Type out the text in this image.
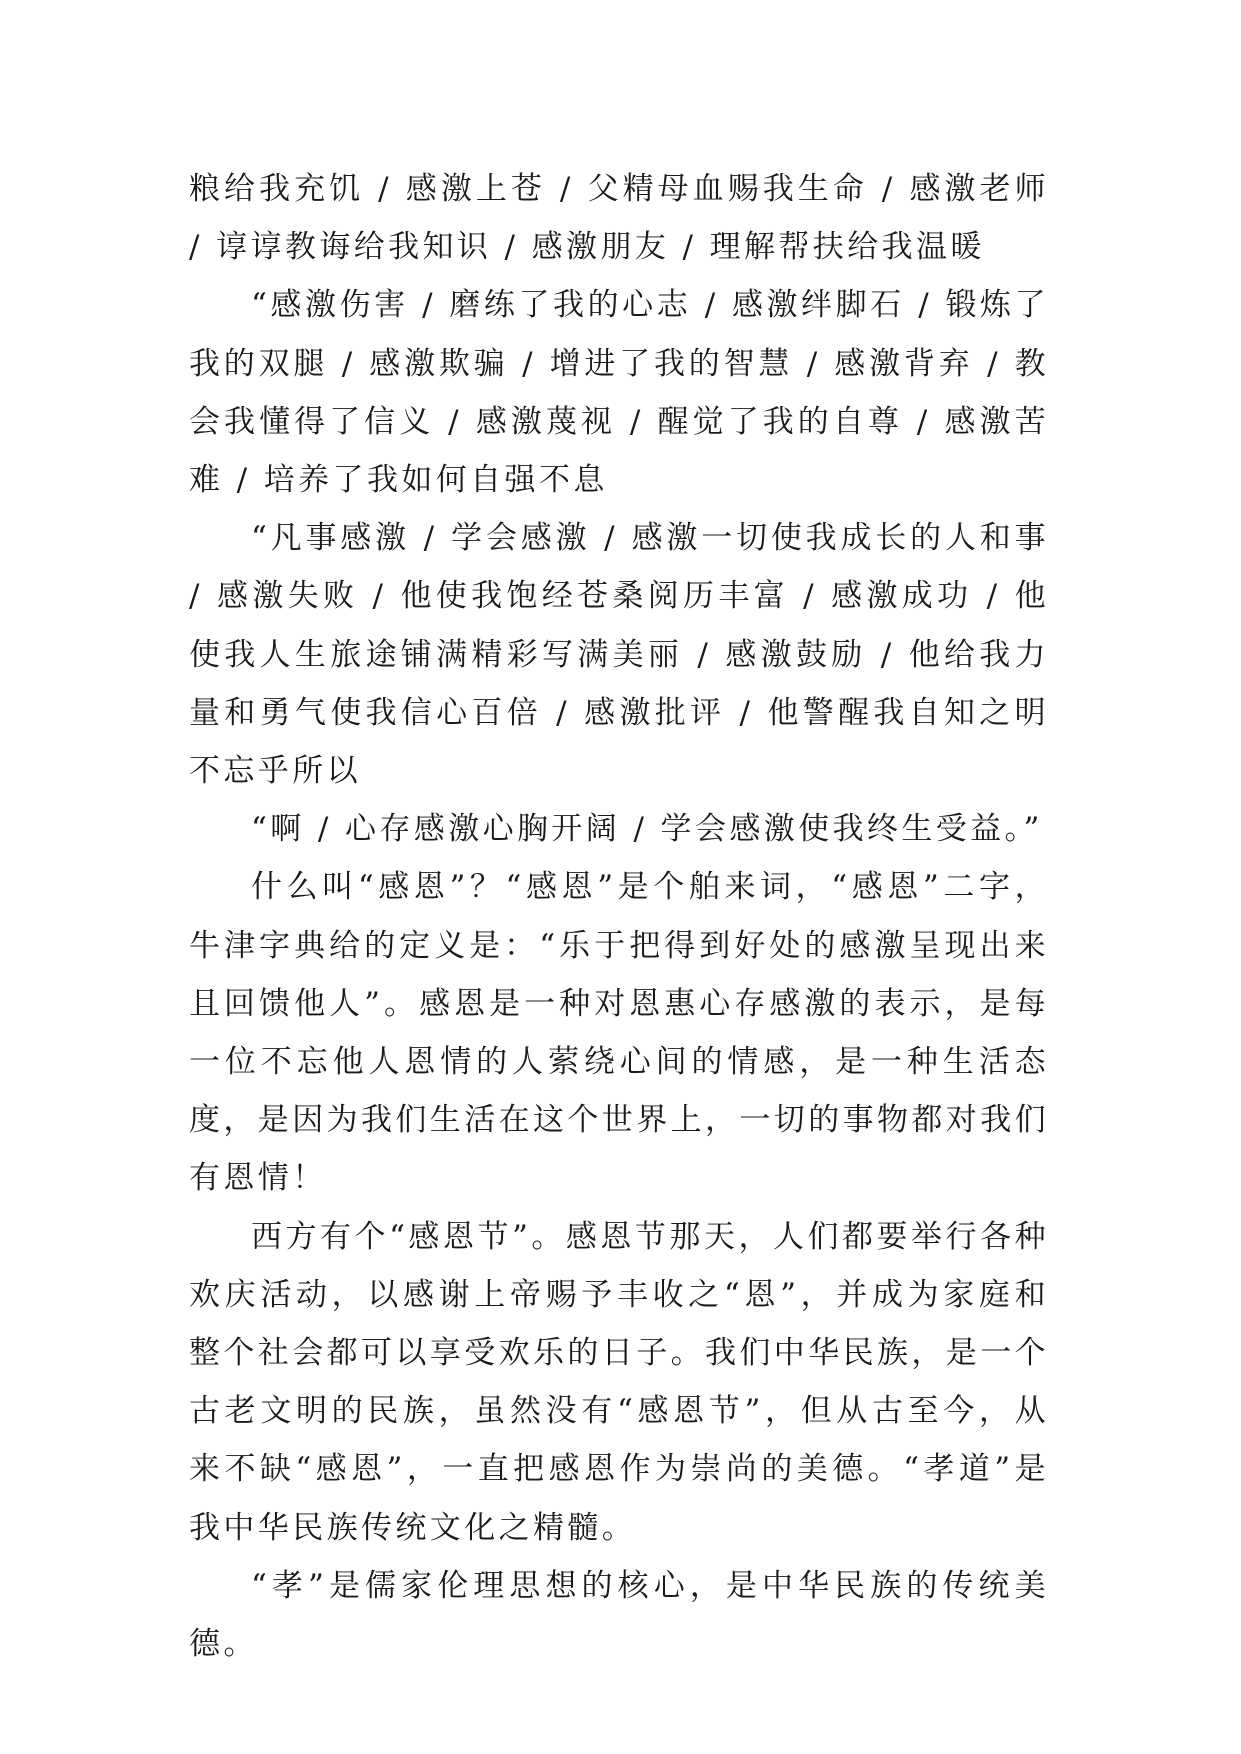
粮给我充饥 / 感激上苍 / 父精母血赐我生命 / 感激老师 / 谆谆教诲给我知识 / 感激朋友 / 理解帮扶给我温暖

“感激伤害 / 磨练了我的心志 / 感激绊脚石 / 锻炼了我的双腿 / 感激欺骗 / 增进了我的智慧 / 感激背弃 / 教会我懂得了信义 / 感激蔑视 / 醒觉了我的自尊 / 感激苦难 / 培养了我如何自强不息

“凡事感激 / 学会感激 / 感激一切使我成长的人和事 / 感激失败 / 他使我饱经苍桑阅历丰富 / 感激成功 / 他使我人生旅途铺满精彩写满美丽 / 感激鼓励 / 他给我力量和勇气使我信心百倍 / 感激批评 / 他警醒我自知之明不忘乎所以

“啊 / 心存感激心胸开阔 / 学会感激使我终生受益。”

什么叫“感恩”？“感恩”是个舶来词，“感恩”二字，牛津字典给的定义是：“乐于把得到好处的感激呈现出来且回馈他人”。感恩是一种对恩惠心存感激的表示，是每一位不忘他人恩情的人萦绕心间的情感，是一种生活态度，是因为我们生活在这个世界上，一切的事物都对我们有恩情！

西方有个“感恩节”。感恩节那天，人们都要举行各种欢庆活动，以感谢上帝赐予丰收之“恩”，并成为家庭和整个社会都可以享受欢乐的日子。我们中华民族，是一个古老文明的民族，虽然没有“感恩节”，但从古至今，从来不缺“感恩”，一直把感恩作为崇尚的美德。“孝道”是我中华民族传统文化之精髓。

“孝”是儒家伦理思想的核心，是中华民族的传统美德。
